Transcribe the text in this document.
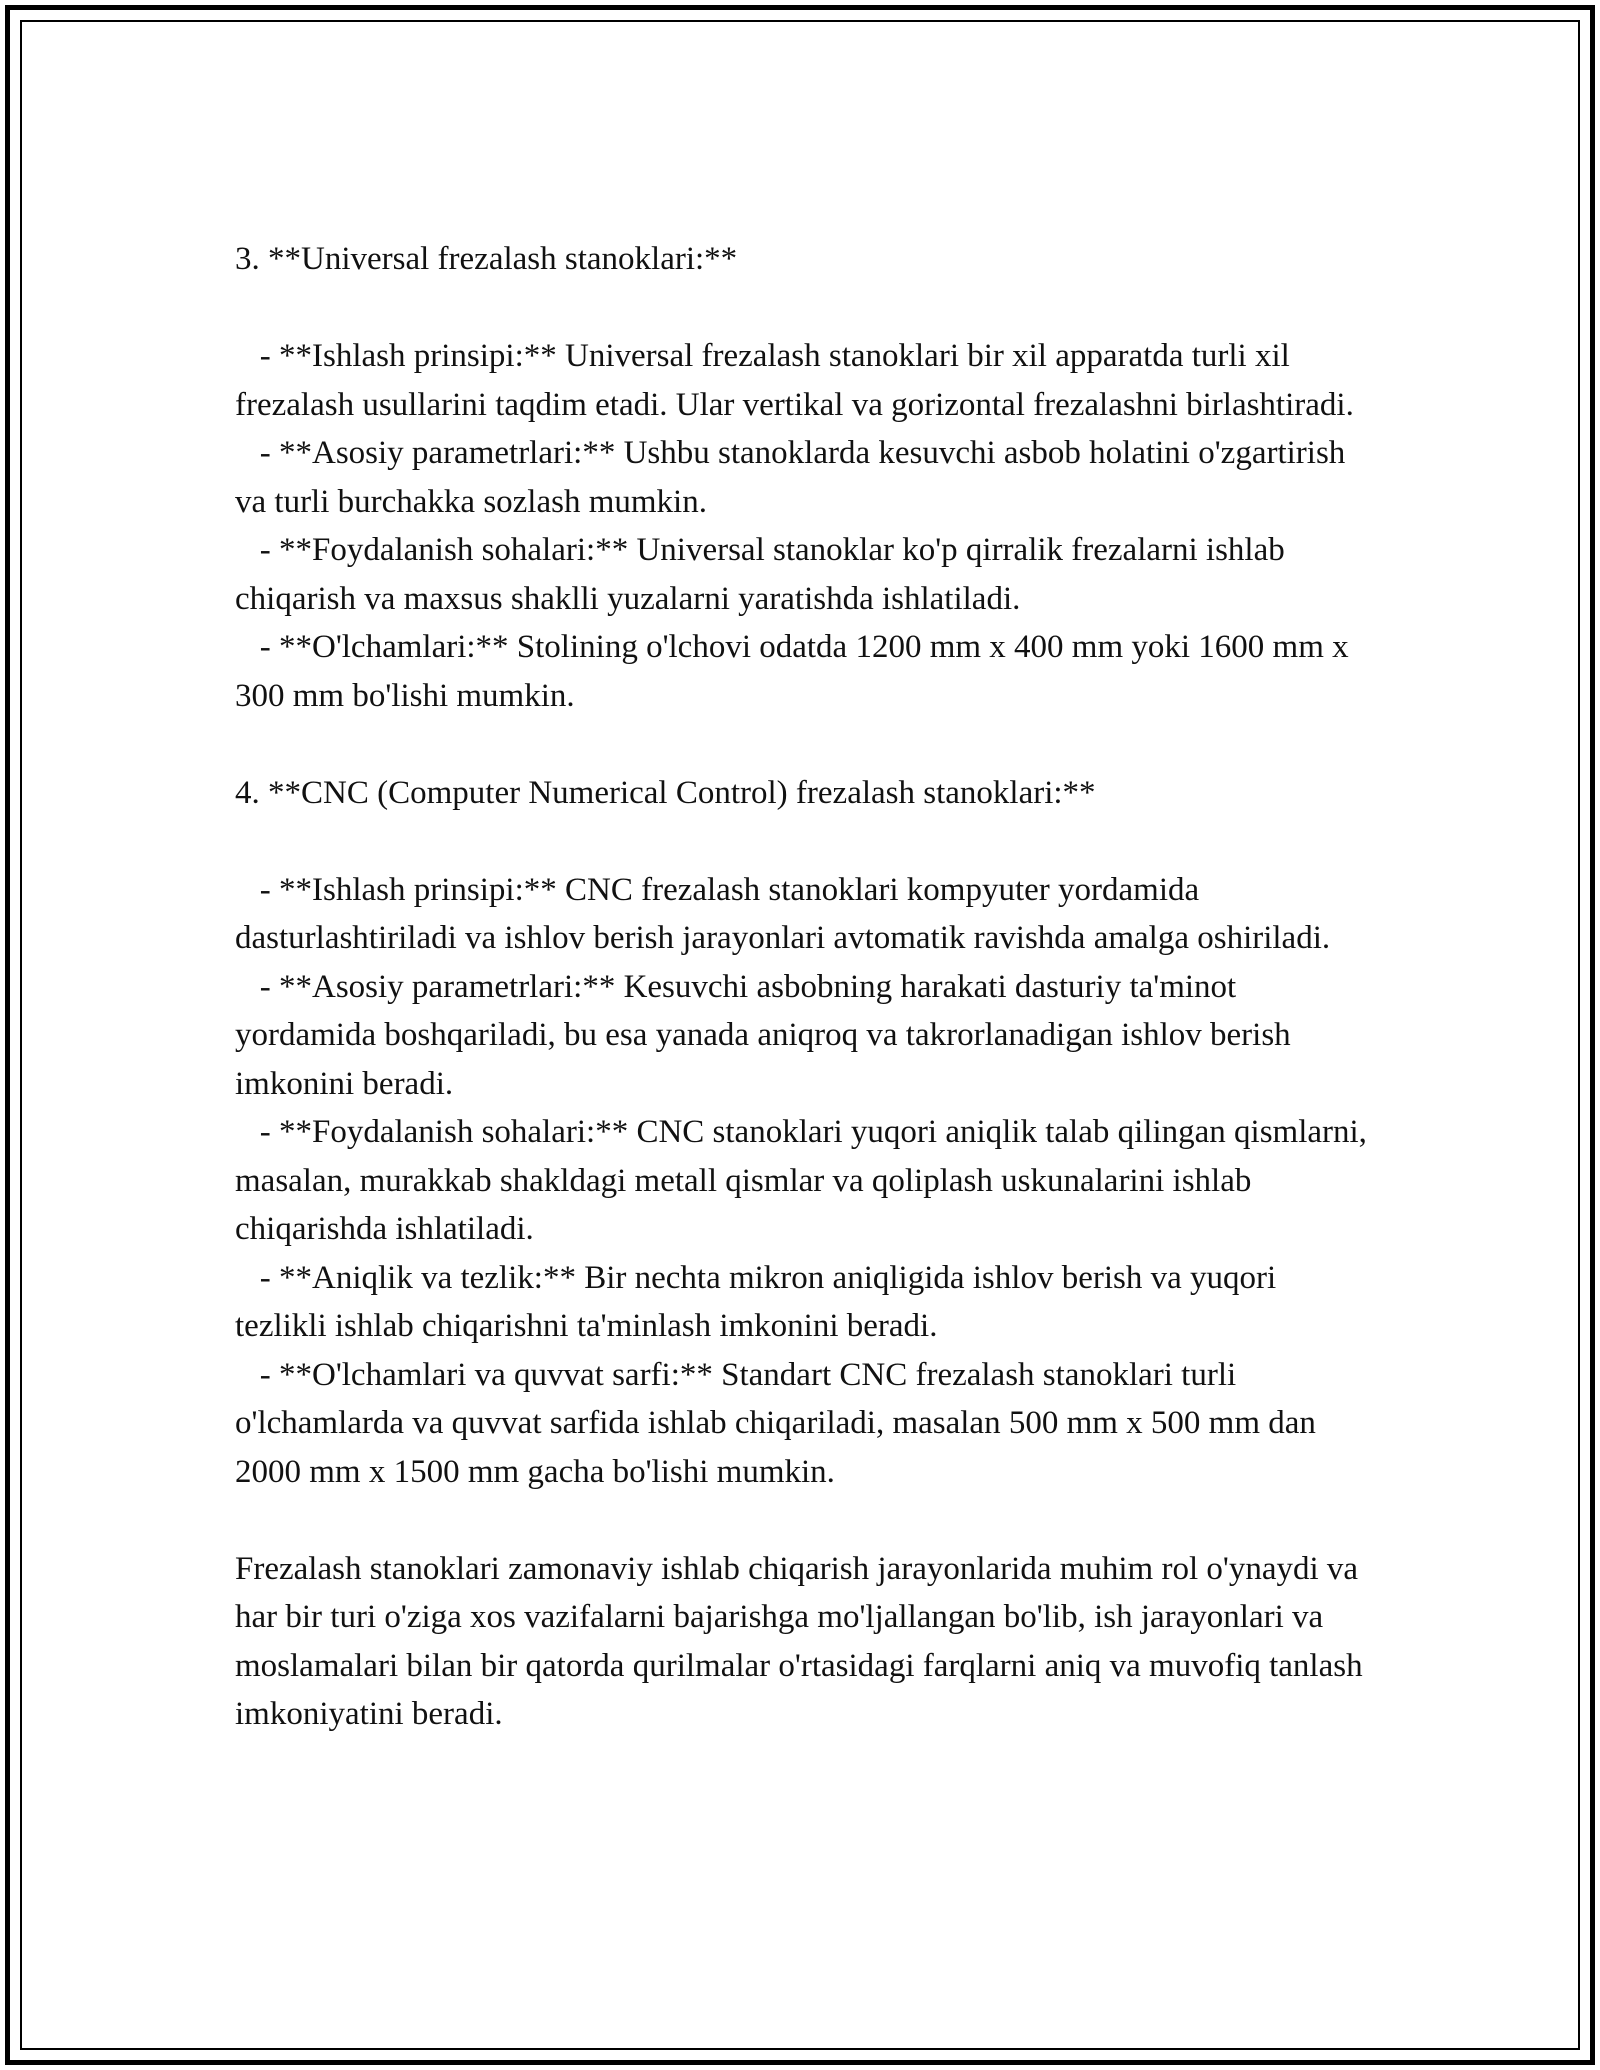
3. **Universal frezalash stanoklari:**

- **Ishlash prinsipi:** Universal frezalash stanoklari bir xil apparatda turli xil frezalash usullarini taqdim etadi. Ular vertikal va gorizontal frezalashni birlashtiradi.

- **Asosiy parametrlari:** Ushbu stanoklarda kesuvchi asbob holatini o'zgartirish va turli burchakka sozlash mumkin.

- **Foydalanish sohalari:** Universal stanoklar ko'p qirralik frezalarni ishlab chiqarish va maxsus shaklli yuzalarni yaratishda ishlatiladi.

- **O'lchamlari:** Stolining o'lchovi odatda 1200 mm x 400 mm yoki 1600 mm x 300 mm bo'lishi mumkin.

4. **CNC (Computer Numerical Control) frezalash stanoklari:**

- **Ishlash prinsipi:** CNC frezalash stanoklari kompyuter yordamida dasturlashtiriladi va ishlov berish jarayonlari avtomatik ravishda amalga oshiriladi.

- **Asosiy parametrlari:** Kesuvchi asbobning harakati dasturiy ta'minot yordamida boshqariladi, bu esa yanada aniqroq va takrorlanadigan ishlov berish imkonini beradi.

- **Foydalanish sohalari:** CNC stanoklari yuqori aniqlik talab qilingan qismlarni, masalan, murakkab shakldagi metall qismlar va qoliplash uskunalarini ishlab chiqarishda ishlatiladi.

- **Aniqlik va tezlik:** Bir nechta mikron aniqligida ishlov berish va yuqori tezlikli ishlab chiqarishni ta'minlash imkonini beradi.

- **O'lchamlari va quvvat sarfi:** Standart CNC frezalash stanoklari turli o'lchamlarda va quvvat sarfida ishlab chiqariladi, masalan 500 mm x 500 mm dan 2000 mm x 1500 mm gacha bo'lishi mumkin.

Frezalash stanoklari zamonaviy ishlab chiqarish jarayonlarida muhim rol o'ynaydi va har bir turi o'ziga xos vazifalarni bajarishga mo'ljallangan bo'lib, ish jarayonlari va moslamalari bilan bir qatorda qurilmalar o'rtasidagi farqlarni aniq va muvofiq tanlash imkoniyatini beradi.
